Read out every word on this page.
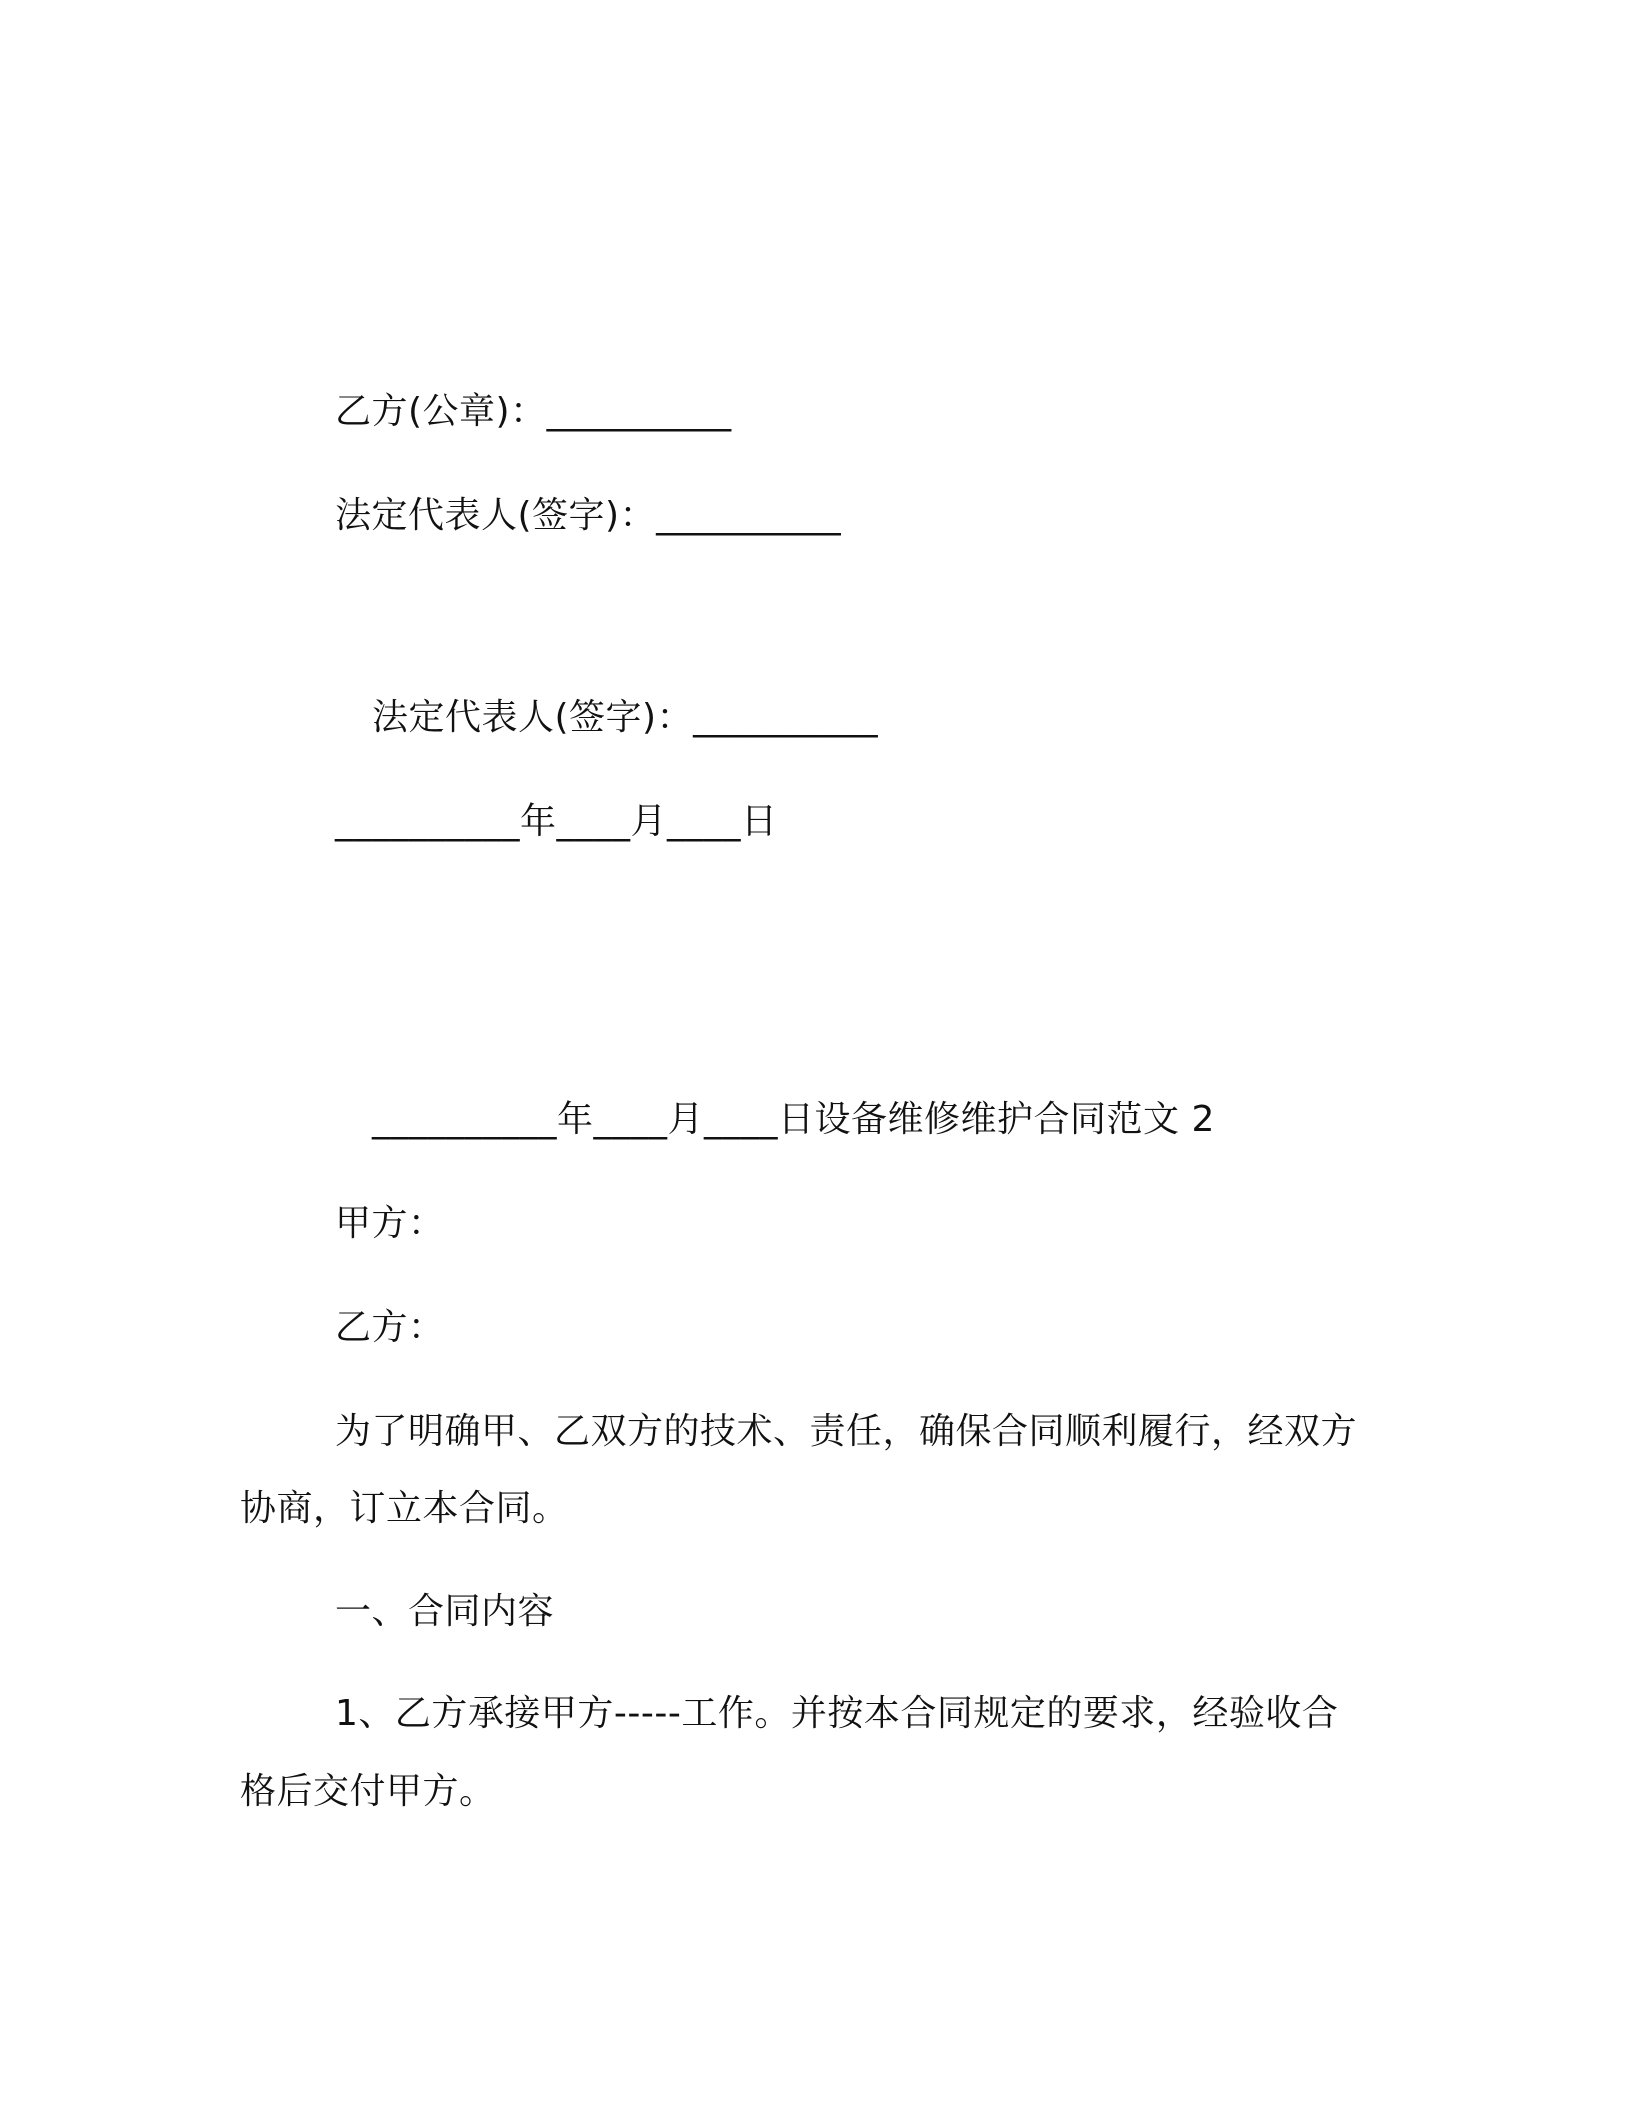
乙方(公章)：__________
法定代表人(签字)：__________
法定代表人(签字)：__________
__________年____月____日
__________年____月____日设备维修维护合同范文 2
甲方：
乙方：
为了明确甲、乙双方的技术、责任，确保合同顺利履行，经双方
协商，订立本合同。
一、合同内容
1、乙方承接甲方-----工作。并按本合同规定的要求，经验收合
格后交付甲方。
